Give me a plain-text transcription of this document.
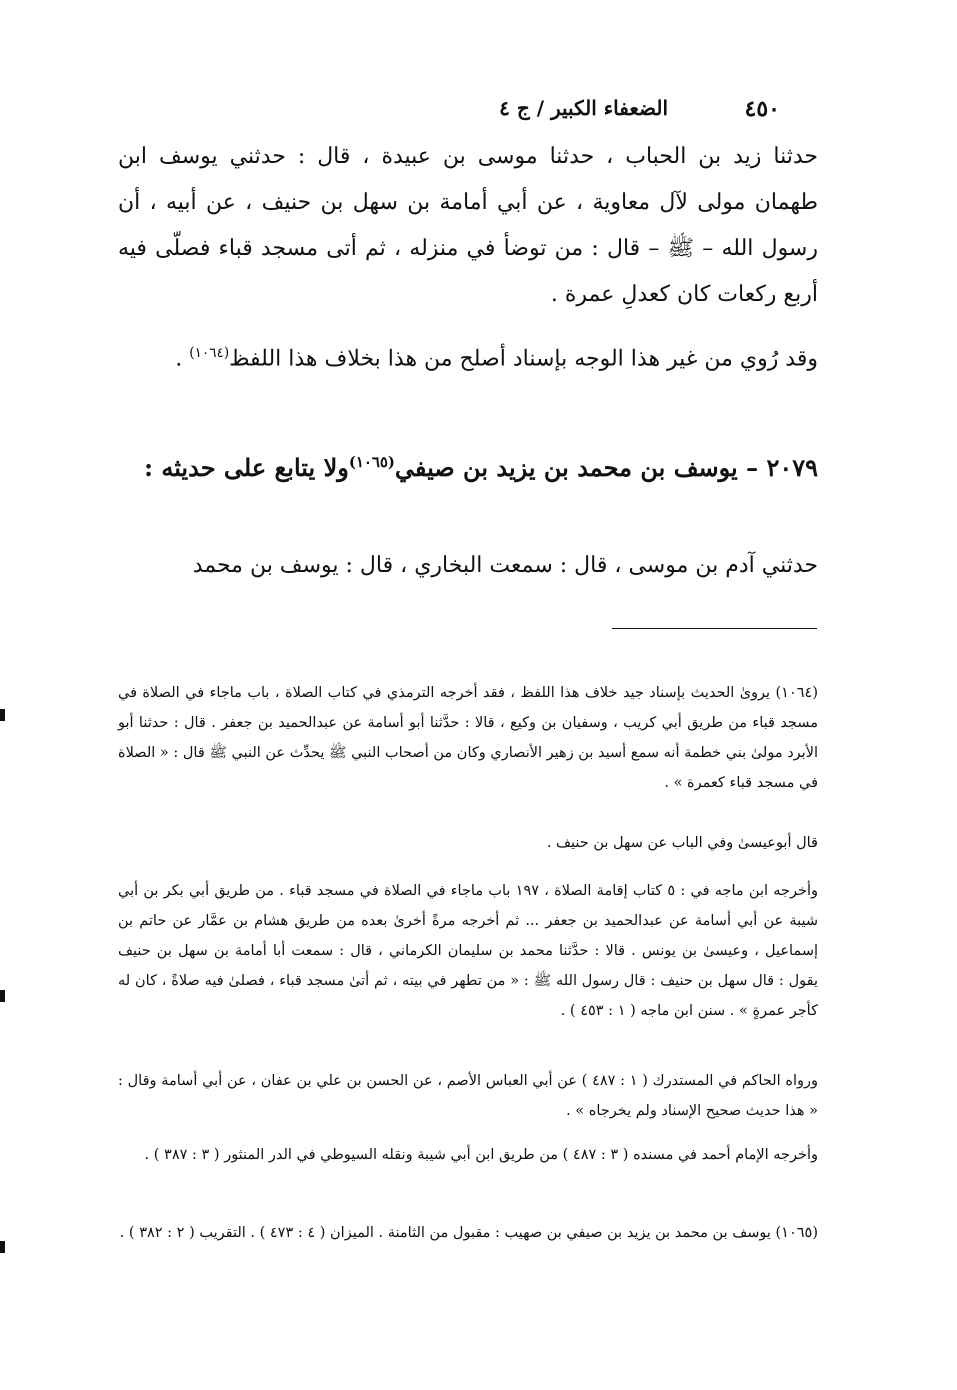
٤٥٠
الضعفاء الكبير / ج ٤
حدثنا زيد بن الحباب ، حدثنا موسى بن عبيدة ، قال : حدثني يوسف ابن طهمان مولى لآل معاوية ، عن أبي أمامة بن سهل بن حنيف ، عن أبيه ، أن رسول الله – ﷺ – قال : من توضأ في منزله ، ثم أتى مسجد قباء فصلّى فيه أربع ركعات كان كعدلِ عمرة .
وقد رُوي من غير هذا الوجه بإسناد أصلح من هذا بخلاف هذا اللفظ$^{(١٠٦٤)}$ .
٢٠٧٩ – يوسف بن محمد بن يزيد بن صيفي$^{(١٠٦٥)}$ولا يتابع على حديثه :
حدثني آدم بن موسى ، قال : سمعت البخاري ، قال : يوسف بن محمد
(١٠٦٤) يروىٰ الحديث بإسناد جيد خلاف هذا اللفظ ، فقد أخرجه الترمذي في كتاب الصلاة ، باب ماجاء في الصلاة في مسجد قباء من طريق أبي كريب ، وسفيان بن وكيع ، قالا : حدَّثنا أبو أسامة عن عبدالحميد بن جعفر . قال : حدثنا أبو الأبرد مولىٰ بني خطمة أنه سمع أسيد بن زهير الأنصاري وكان من أصحاب النبي ﷺ يحدِّث عن النبي ﷺ قال : « الصلاة في مسجد قباء كعمرة » .
قال أبوعيسىٰ وفي الباب عن سهل بن حنيف .
وأخرجه ابن ماجه في : ٥ كتاب إقامة الصلاة ، ١٩٧ باب ماجاء في الصلاة في مسجد قباء . من طريق أبي بكر بن أبي شيبة عن أبي أسامة عن عبدالحميد بن جعفر ... ثم أخرجه مرةً أخرىٰ بعده من طريق هشام بن عمَّار عن حاتم بن إسماعيل ، وعيسىٰ بن يونس . قالا : حدَّثنا محمد بن سليمان الكرماني ، قال : سمعت أبا أمامة بن سهل بن حنيف يقول : قال سهل بن حنيف : قال رسول الله ﷺ : « من تطهر في بيته ، ثم أتىٰ مسجد قباء ، فصلىٰ فيه صلاةً ، كان له كأجر عمرةٍ » . سنن ابن ماجه ( ١ : ٤٥٣ ) .
ورواه الحاكم في المستدرك ( ١ : ٤٨٧ ) عن أبي العباس الأصم ، عن الحسن بن علي بن عفان ، عن أبي أسامة وقال : « هذا حديث صحيح الإسناد ولم يخرجاه » .
وأخرجه الإمام أحمد في مسنده ( ٣ : ٤٨٧ ) من طريق ابن أبي شيبة ونقله السيوطي في الدر المنثور ( ٣ : ٣٨٧ ) .
(١٠٦٥) يوسف بن محمد بن يزيد بن صيفي بن صهيب : مقبول من الثامنة . الميزان ( ٤ : ٤٧٣ ) . التقريب ( ٢ : ٣٨٢ ) .
